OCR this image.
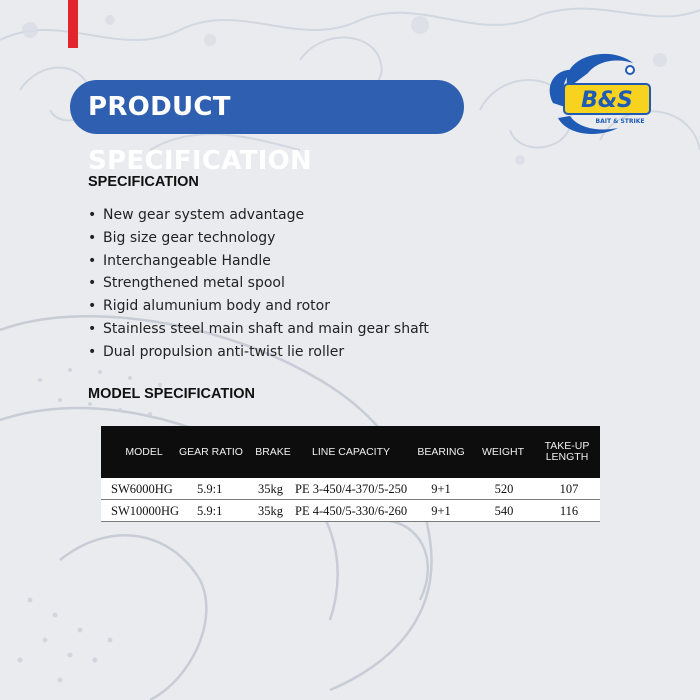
PRODUCT SPECIFICATION
B&S
BAIT & STRIKE
SPECIFICATION
• New gear system advantage
• Big size gear technology
• Interchangeable Handle
• Strengthened metal spool
• Rigid alumunium body and rotor
• Stainless steel main shaft and main gear shaft
• Dual propulsion anti-twist lie roller
MODEL SPECIFICATION
MODEL	GEAR RATIO	BRAKE	LINE CAPACITY	BEARING	WEIGHT	TAKE-UP LENGTH
SW6000HG 5.9:1	35kg PE 3-450/4-370/5-250	9+1	520	107
SW10000HG 5.9:1	35kg PE 4-450/5-330/6-260	9+1	540	116
